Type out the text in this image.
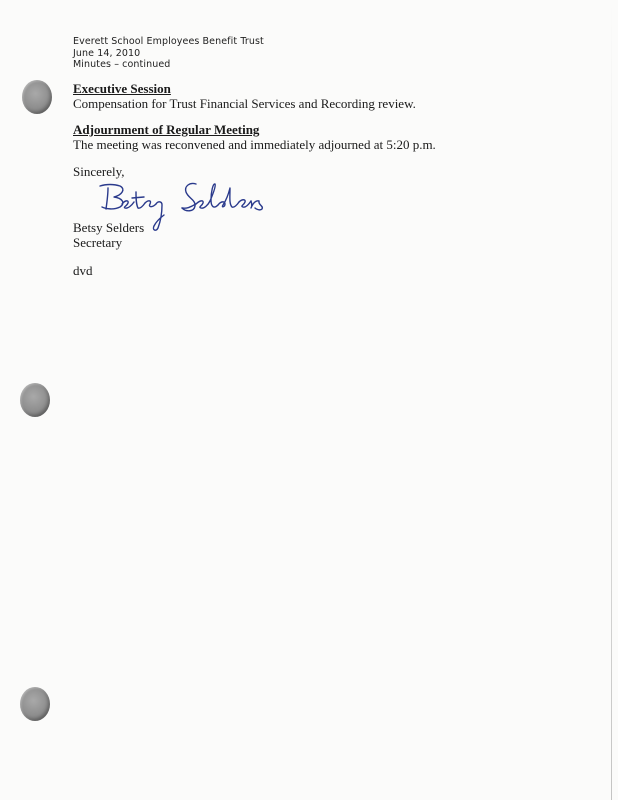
Everett School Employees Benefit Trust
June 14, 2010
Minutes – continued
Executive Session
Compensation for Trust Financial Services and Recording review.
Adjournment of Regular Meeting
The meeting was reconvened and immediately adjourned at 5:20 p.m.
Sincerely,
Betsy Selders
Secretary
dvd
